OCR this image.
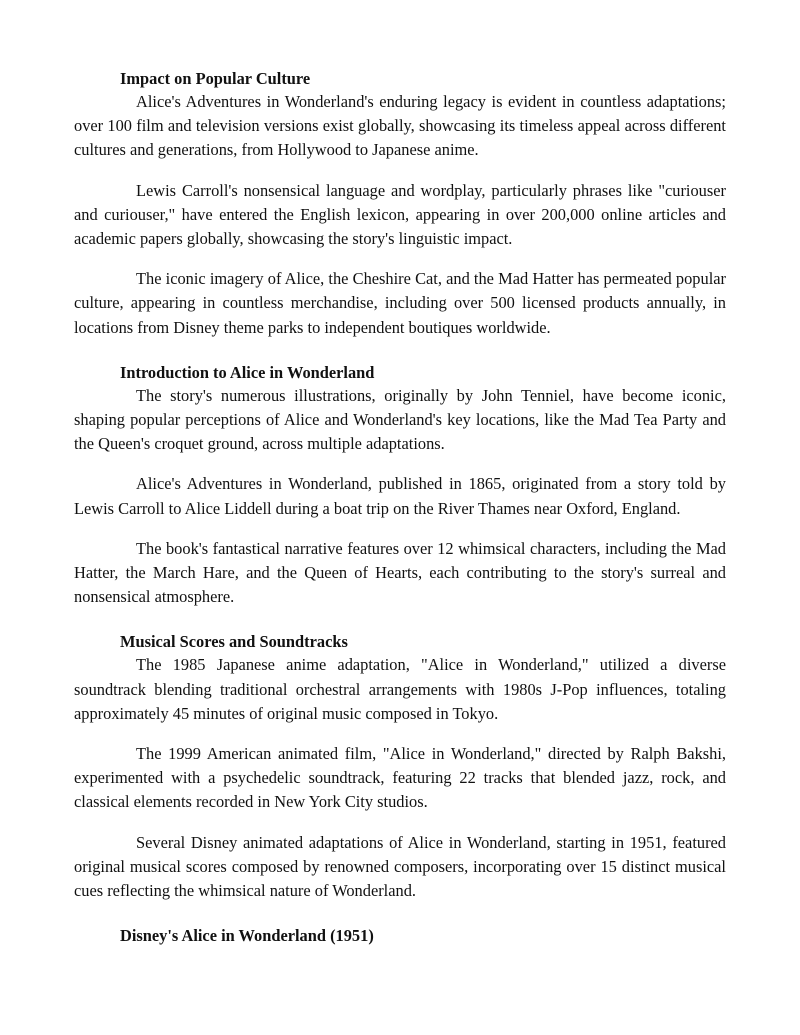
Impact on Popular Culture

Alice's Adventures in Wonderland's enduring legacy is evident in countless adaptations; over 100 film and television versions exist globally, showcasing its timeless appeal across different cultures and generations, from Hollywood to Japanese anime.

Lewis Carroll's nonsensical language and wordplay, particularly phrases like "curiouser and curiouser," have entered the English lexicon, appearing in over 200,000 online articles and academic papers globally, showcasing the story's linguistic impact.

The iconic imagery of Alice, the Cheshire Cat, and the Mad Hatter has permeated popular culture, appearing in countless merchandise, including over 500 licensed products annually, in locations from Disney theme parks to independent boutiques worldwide.

Introduction to Alice in Wonderland

The story's numerous illustrations, originally by John Tenniel, have become iconic, shaping popular perceptions of Alice and Wonderland's key locations, like the Mad Tea Party and the Queen's croquet ground, across multiple adaptations.

Alice's Adventures in Wonderland, published in 1865, originated from a story told by Lewis Carroll to Alice Liddell during a boat trip on the River Thames near Oxford, England.

The book's fantastical narrative features over 12 whimsical characters, including the Mad Hatter, the March Hare, and the Queen of Hearts, each contributing to the story's surreal and nonsensical atmosphere.

Musical Scores and Soundtracks

The 1985 Japanese anime adaptation, "Alice in Wonderland," utilized a diverse soundtrack blending traditional orchestral arrangements with 1980s J-Pop influences, totaling approximately 45 minutes of original music composed in Tokyo.

The 1999 American animated film, "Alice in Wonderland," directed by Ralph Bakshi, experimented with a psychedelic soundtrack, featuring 22 tracks that blended jazz, rock, and classical elements recorded in New York City studios.

Several Disney animated adaptations of Alice in Wonderland, starting in 1951, featured original musical scores composed by renowned composers, incorporating over 15 distinct musical cues reflecting the whimsical nature of Wonderland.

Disney's Alice in Wonderland (1951)
